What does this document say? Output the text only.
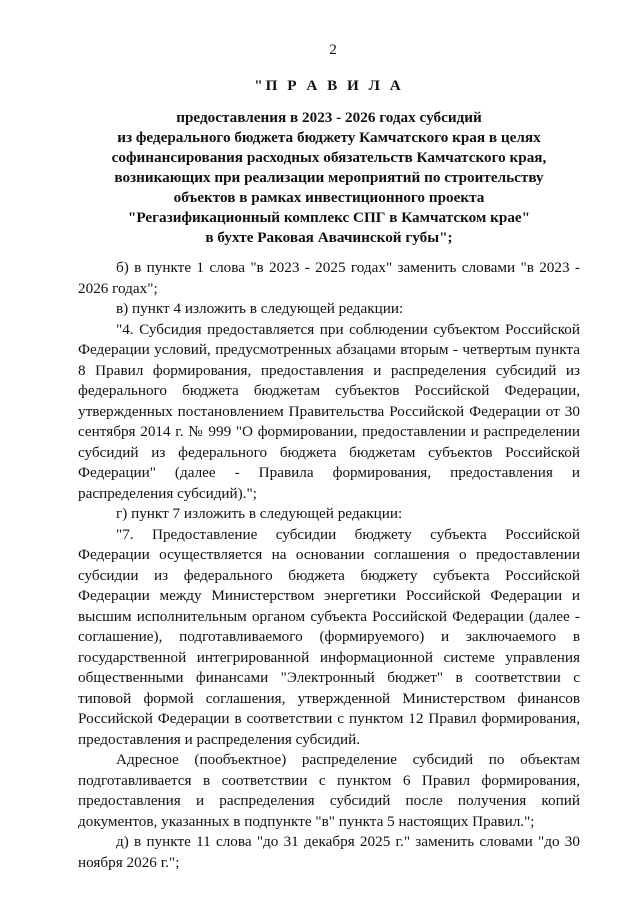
2
"П Р А В И Л А
предоставления в 2023 - 2026 годах субсидий
из федерального бюджета бюджету Камчатского края в целях
софинансирования расходных обязательств Камчатского края,
возникающих при реализации мероприятий по строительству
объектов в рамках инвестиционного проекта
"Регазификационный комплекс СПГ в Камчатском крае"
в бухте Раковая Авачинской губы";

б) в пункте 1 слова "в 2023 - 2025 годах" заменить словами "в 2023 - 2026 годах";

в) пункт 4 изложить в следующей редакции:

"4. Субсидия предоставляется при соблюдении субъектом Российской Федерации условий, предусмотренных абзацами вторым - четвертым пункта 8 Правил формирования, предоставления и распределения субсидий из федерального бюджета бюджетам субъектов Российской Федерации, утвержденных постановлением Правительства Российской Федерации от 30 сентября 2014 г. № 999 "О формировании, предоставлении и распределении субсидий из федерального бюджета бюджетам субъектов Российской Федерации" (далее - Правила формирования, предоставления и распределения субсидий).";

г) пункт 7 изложить в следующей редакции:

"7. Предоставление субсидии бюджету субъекта Российской Федерации осуществляется на основании соглашения о предоставлении субсидии из федерального бюджета бюджету субъекта Российской Федерации между Министерством энергетики Российской Федерации и высшим исполнительным органом субъекта Российской Федерации (далее - соглашение), подготавливаемого (формируемого) и заключаемого в государственной интегрированной информационной системе управления общественными финансами "Электронный бюджет" в соответствии с типовой формой соглашения, утвержденной Министерством финансов Российской Федерации в соответствии с пунктом 12 Правил формирования, предоставления и распределения субсидий.

Адресное (пообъектное) распределение субсидий по объектам подготавливается в соответствии с пунктом 6 Правил формирования, предоставления и распределения субсидий после получения копий документов, указанных в подпункте "в" пункта 5 настоящих Правил.";

д) в пункте 11 слова "до 31 декабря 2025 г." заменить словами "до 30 ноября 2026 г.";
